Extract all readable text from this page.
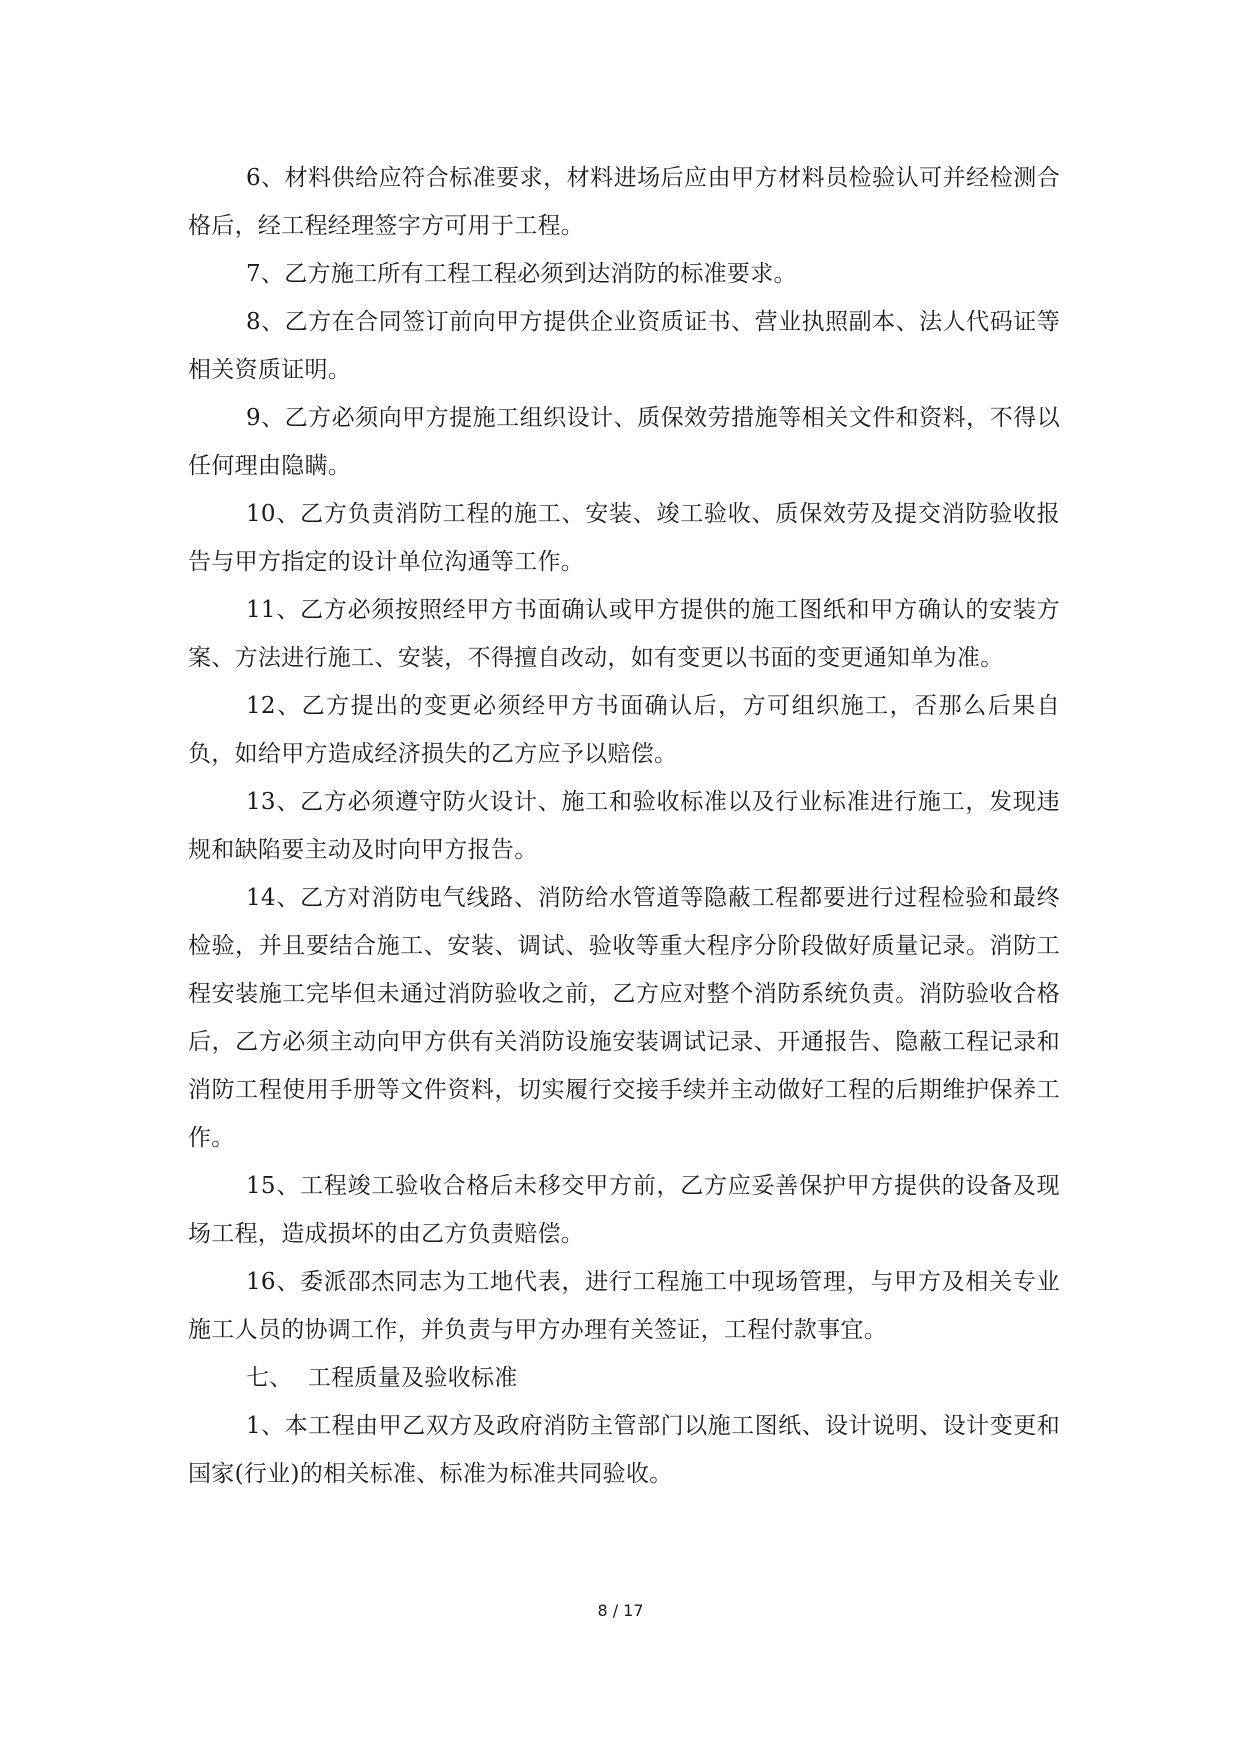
6、材料供给应符合标准要求，材料进场后应由甲方材料员检验认可并经检测合格后，经工程经理签字方可用于工程。

7、乙方施工所有工程工程必须到达消防的标准要求。

8、乙方在合同签订前向甲方提供企业资质证书、营业执照副本、法人代码证等相关资质证明。

9、乙方必须向甲方提施工组织设计、质保效劳措施等相关文件和资料，不得以任何理由隐瞒。

10、乙方负责消防工程的施工、安装、竣工验收、质保效劳及提交消防验收报告与甲方指定的设计单位沟通等工作。

11、乙方必须按照经甲方书面确认或甲方提供的施工图纸和甲方确认的安装方案、方法进行施工、安装，不得擅自改动，如有变更以书面的变更通知单为准。

12、乙方提出的变更必须经甲方书面确认后，方可组织施工，否那么后果自负，如给甲方造成经济损失的乙方应予以赔偿。

13、乙方必须遵守防火设计、施工和验收标准以及行业标准进行施工，发现违规和缺陷要主动及时向甲方报告。

14、乙方对消防电气线路、消防给水管道等隐蔽工程都要进行过程检验和最终检验，并且要结合施工、安装、调试、验收等重大程序分阶段做好质量记录。消防工程安装施工完毕但未通过消防验收之前，乙方应对整个消防系统负责。消防验收合格后，乙方必须主动向甲方供有关消防设施安装调试记录、开通报告、隐蔽工程记录和消防工程使用手册等文件资料，切实履行交接手续并主动做好工程的后期维护保养工作。

15、工程竣工验收合格后未移交甲方前，乙方应妥善保护甲方提供的设备及现场工程，造成损坏的由乙方负责赔偿。

16、委派邵杰同志为工地代表，进行工程施工中现场管理，与甲方及相关专业施工人员的协调工作，并负责与甲方办理有关签证，工程付款事宜。

七、  工程质量及验收标准

1、本工程由甲乙双方及政府消防主管部门以施工图纸、设计说明、设计变更和国家(行业)的相关标准、标准为标准共同验收。

8 / 17
